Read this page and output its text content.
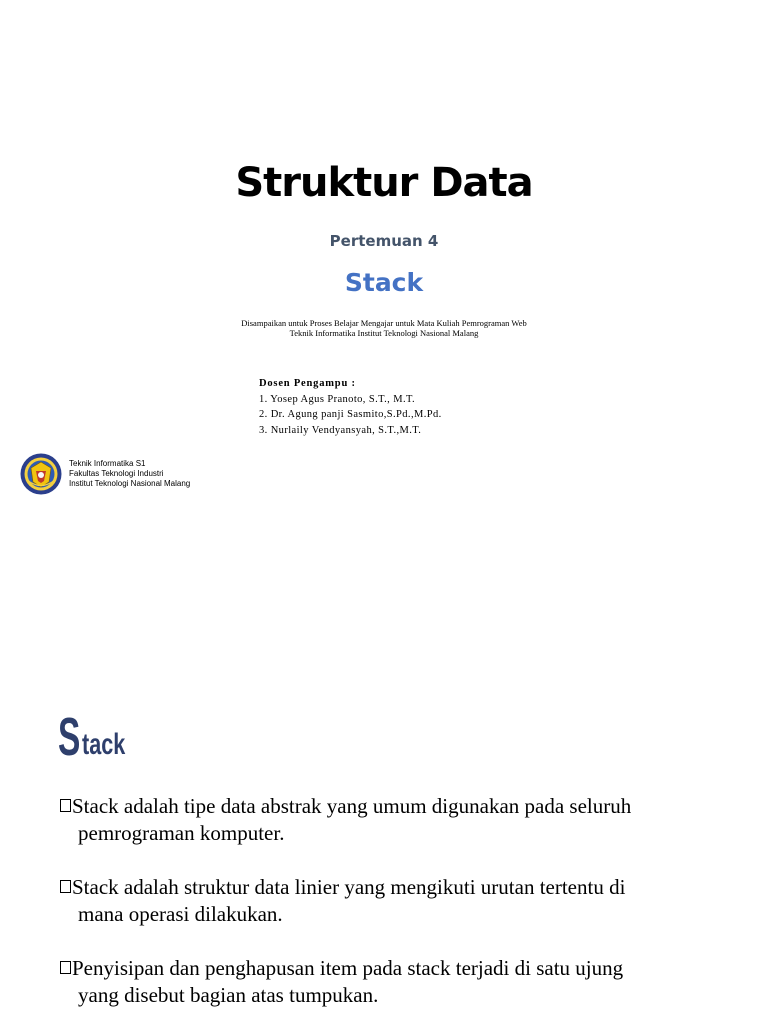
Struktur Data
Pertemuan 4
Stack
Disampaikan untuk Proses Belajar Mengajar untuk Mata Kuliah Pemrograman Web
Teknik Informatika Institut Teknologi Nasional Malang
Dosen Pengampu :
1. Yosep Agus Pranoto, S.T., M.T.
2. Dr. Agung panji Sasmito,S.Pd.,M.Pd.
3. Nurlaily Vendyansyah, S.T.,M.T.
Teknik Informatika S1
Fakultas Teknologi Industri
Institut Teknologi Nasional Malang
S tack
Stack adalah tipe data abstrak yang umum digunakan pada seluruh
pemrograman komputer.
Stack adalah struktur data linier yang mengikuti urutan tertentu di
mana operasi dilakukan.
Penyisipan dan penghapusan item pada stack terjadi di satu ujung
yang disebut bagian atas tumpukan.
